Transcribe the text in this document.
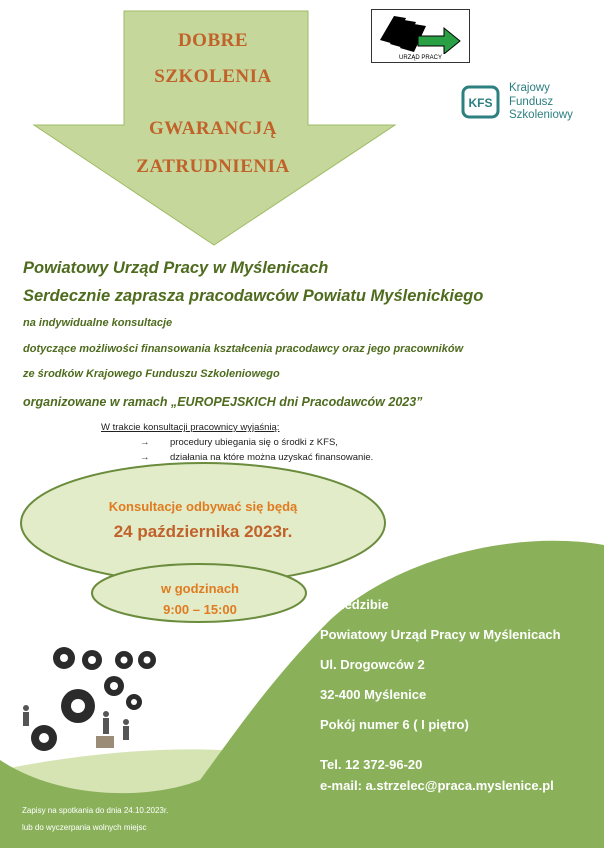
DOBRE
SZKOLENIA
GWARANCJĄ
ZATRUDNIENIA
URZĄD PRACY
KFS
Krajowy
Fundusz
Szkoleniowy
Powiatowy Urząd Pracy w Myślenicach
Serdecznie zaprasza pracodawców Powiatu Myślenickiego
na indywidualne konsultacje
dotyczące możliwości finansowania kształcenia pracodawcy oraz jego pracowników
ze środków Krajowego Funduszu Szkoleniowego
organizowane w ramach „EUROPEJSKICH dni Pracodawców 2023”
W trakcie konsultacji pracownicy wyjaśnią:
→ procedury ubiegania się o środki z KFS,
→ działania na które można uzyskać finansowanie.
Konsultacje odbywać się będą
24 października 2023r.
w godzinach
9:00 – 15:00	w siedzibie
Powiatowy Urząd Pracy w Myślenicach
Ul. Drogowców 2
32-400 Myślenice
Pokój numer 6 ( I piętro)
Tel. 12 372-96-20
e-mail: a.strzelec@praca.myslenice.pl
Zapisy na spotkania do dnia 24.10.2023r.
lub do wyczerpania wolnych miejsc
